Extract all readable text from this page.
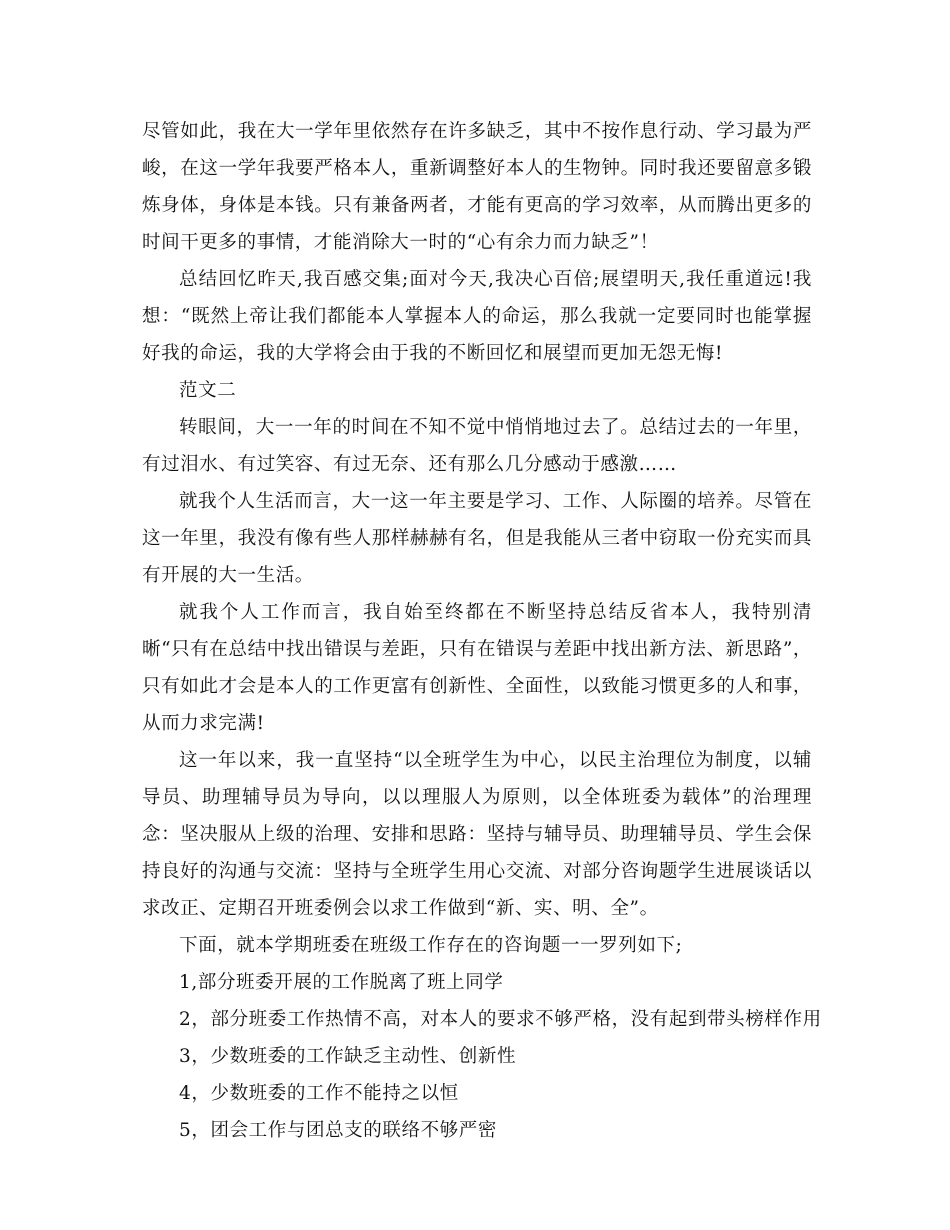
尽管如此，我在大一学年里依然存在许多缺乏，其中不按作息行动、学习最为严峻，在这一学年我要严格本人，重新调整好本人的生物钟。同时我还要留意多锻炼身体，身体是本钱。只有兼备两者，才能有更高的学习效率，从而腾出更多的时间干更多的事情，才能消除大一时的“心有余力而力缺乏”！

总结回忆昨天,我百感交集;面对今天,我决心百倍;展望明天,我任重道远!我想：“既然上帝让我们都能本人掌握本人的命运，那么我就一定要同时也能掌握好我的命运，我的大学将会由于我的不断回忆和展望而更加无怨无悔!

范文二

转眼间，大一一年的时间在不知不觉中悄悄地过去了。总结过去的一年里，有过泪水、有过笑容、有过无奈、还有那么几分感动于感激……

就我个人生活而言，大一这一年主要是学习、工作、人际圈的培养。尽管在这一年里，我没有像有些人那样赫赫有名，但是我能从三者中窃取一份充实而具有开展的大一生活。

就我个人工作而言，我自始至终都在不断坚持总结反省本人，我特别清晰“只有在总结中找出错误与差距，只有在错误与差距中找出新方法、新思路”，只有如此才会是本人的工作更富有创新性、全面性，以致能习惯更多的人和事，从而力求完满!

这一年以来，我一直坚持“以全班学生为中心，以民主治理位为制度，以辅导员、助理辅导员为导向，以以理服人为原则，以全体班委为载体”的治理理念：坚决服从上级的治理、安排和思路：坚持与辅导员、助理辅导员、学生会保持良好的沟通与交流：坚持与全班学生用心交流、对部分咨询题学生进展谈话以求改正、定期召开班委例会以求工作做到“新、实、明、全”。

下面，就本学期班委在班级工作存在的咨询题一一罗列如下;

1,部分班委开展的工作脱离了班上同学

2，部分班委工作热情不高，对本人的要求不够严格，没有起到带头榜样作用

3，少数班委的工作缺乏主动性、创新性

4，少数班委的工作不能持之以恒

5，团会工作与团总支的联络不够严密
